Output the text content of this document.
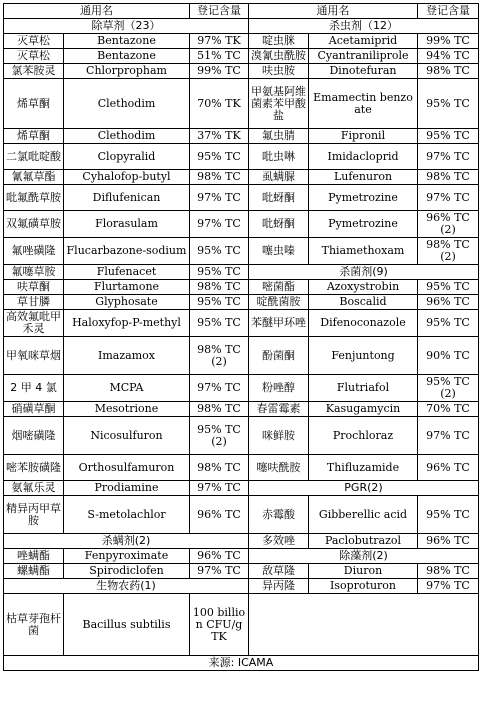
通用名		登记含量	通用名		登记含量
除草剂（23）			杀虫剂（12）		
灭草松	Bentazone	97% TK	啶虫脒	Acetamiprid	99% TC
灭草松	Bentazone	51% TC	溴氰虫酰胺	Cyantraniliprole	94% TC
氯苯胺灵	Chlorpropham	99% TC	呋虫胺	Dinotefuran	98% TC
烯草酮	Clethodim	70% TK	甲氨基阿维菌素苯甲酸盐	Emamectin benzoate	95% TC
烯草酮	Clethodim	37% TK	氟虫腈	Fipronil	95% TC
二氯吡啶酸	Clopyralid	95% TC	吡虫啉	Imidacloprid	97% TC
氰氟草酯	Cyhalofop-butyl	98% TC	虱螨脲	Lufenuron	98% TC
吡氟酰草胺	Diflufenican	97% TC	吡蚜酮	Pymetrozine	97% TC
双氟磺草胺	Florasulam	97% TC	吡蚜酮	Pymetrozine	96% TC(2)
氟唑磺隆	Flucarbazone-sodium	95% TC	噻虫嗪	Thiamethoxam	98% TC(2)
氟噻草胺	Flufenacet	95% TC	杀菌剂(9)		
呋草酮	Flurtamone	98% TC	嘧菌酯	Azoxystrobin	95% TC
草甘膦	Glyphosate	95% TC	啶酰菌胺	Boscalid	96% TC
高效氟吡甲禾灵	Haloxyfop-P-methyl	95% TC	苯醚甲环唑	Difenoconazole	95% TC
甲氧咪草烟	Imazamox	98% TC(2)	酚菌酮	Fenjuntong	90% TC
2 甲 4 氯	MCPA	97% TC	粉唑醇	Flutriafol	95% TC(2)
硝磺草酮	Mesotrione	98% TC	春雷霉素	Kasugamycin	70% TC
烟嘧磺隆	Nicosulfuron	95% TC(2)	咪鲜胺	Prochloraz	97% TC
嘧苯胺磺隆	Orthosulfamuron	98% TC	噻呋酰胺	Thifluzamide	96% TC
氨氟乐灵	Prodiamine	97% TC	PGR(2)		
精异丙甲草胺	S-metolachlor	96% TC	赤霉酸	Gibberellic acid	95% TC
杀螨剂(2)			多效唑	Paclobutrazol	96% TC
唑螨酯	Fenpyroximate	96% TC	除藻剂(2)		
螺螨酯	Spirodiclofen	97% TC	敌草隆	Diuron	98% TC
生物农药(1)			异丙隆	Isoproturon	97% TC
枯草芽孢杆菌	Bacillus subtilis	100 billion CFU/g TK			
来源: ICAMA					
